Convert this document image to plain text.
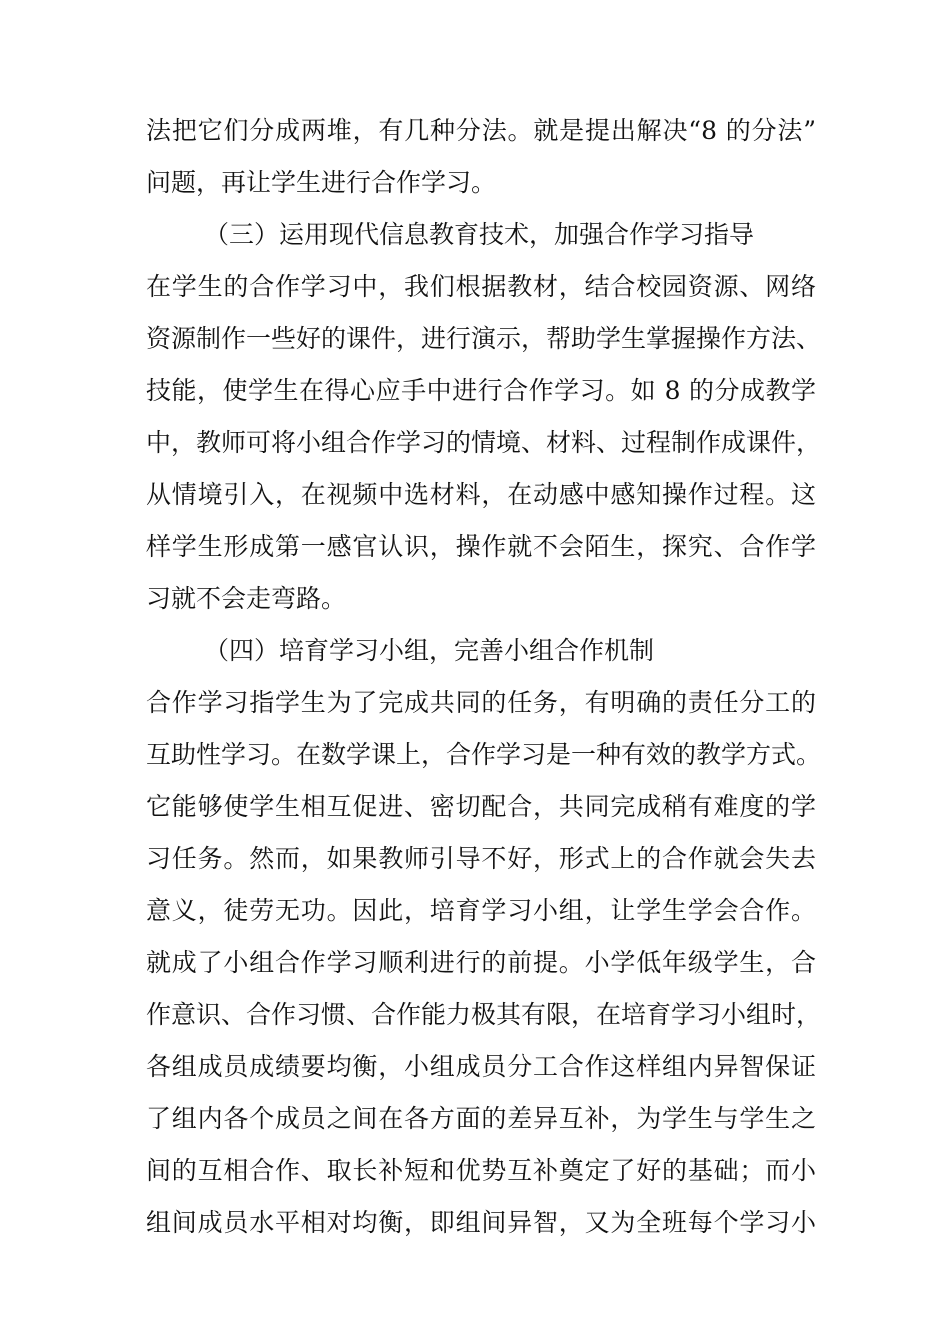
法把它们分成两堆，有几种分法。就是提出解决“8 的分法”
问题，再让学生进行合作学习。
（三）运用现代信息教育技术，加强合作学习指导
在学生的合作学习中，我们根据教材，结合校园资源、网络
资源制作一些好的课件，进行演示，帮助学生掌握操作方法、
技能，使学生在得心应手中进行合作学习。如 8 的分成教学
中，教师可将小组合作学习的情境、材料、过程制作成课件，
从情境引入，在视频中选材料，在动感中感知操作过程。这
样学生形成第一感官认识，操作就不会陌生，探究、合作学
习就不会走弯路。
（四）培育学习小组，完善小组合作机制
合作学习指学生为了完成共同的任务，有明确的责任分工的
互助性学习。在数学课上，合作学习是一种有效的教学方式。
它能够使学生相互促进、密切配合，共同完成稍有难度的学
习任务。然而，如果教师引导不好，形式上的合作就会失去
意义，徒劳无功。因此，培育学习小组，让学生学会合作。
就成了小组合作学习顺利进行的前提。小学低年级学生，合
作意识、合作习惯、合作能力极其有限，在培育学习小组时，
各组成员成绩要均衡，小组成员分工合作这样组内异智保证
了组内各个成员之间在各方面的差异互补，为学生与学生之
间的互相合作、取长补短和优势互补奠定了好的基础；而小
组间成员水平相对均衡，即组间异智，又为全班每个学习小
